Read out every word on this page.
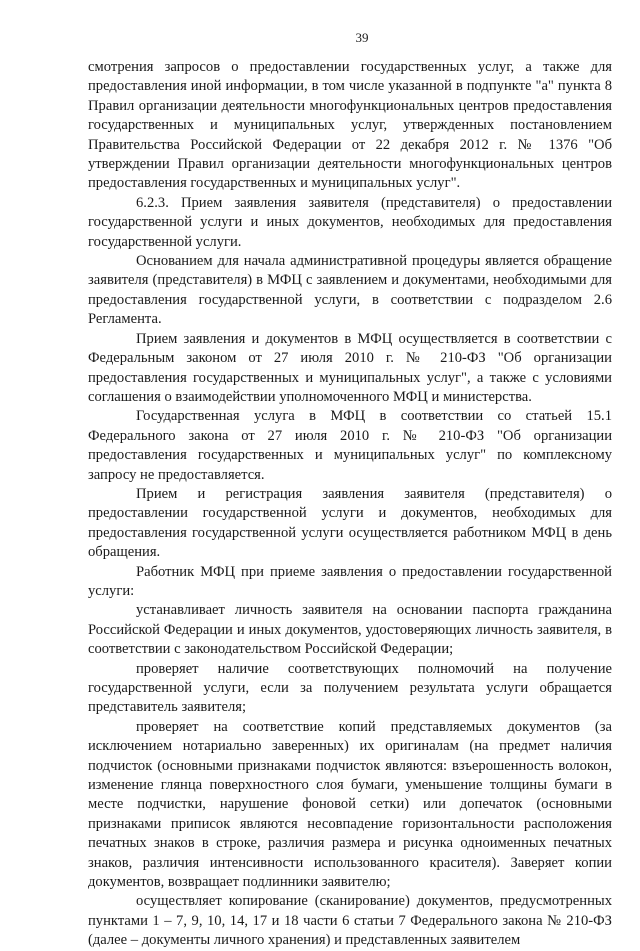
39

смотрения запросов о предоставлении государственных услуг, а также для предоставления иной информации, в том числе указанной в подпункте "а" пункта 8 Правил организации деятельности многофункциональных центров предоставления государственных и муниципальных услуг, утвержденных постановлением Правительства Российской Федерации от 22 декабря 2012 г. № 1376 "Об утверждении Правил организации деятельности многофункциональных центров предоставления государственных и муниципальных услуг".

6.2.3. Прием заявления заявителя (представителя) о предоставлении государственной услуги и иных документов, необходимых для предоставления государственной услуги.

Основанием для начала административной процедуры является обращение заявителя (представителя) в МФЦ с заявлением и документами, необходимыми для предоставления государственной услуги, в соответствии с подразделом 2.6 Регламента.

Прием заявления и документов в МФЦ осуществляется в соответствии с Федеральным законом от 27 июля 2010 г. № 210-ФЗ "Об организации предоставления государственных и муниципальных услуг", а также с условиями соглашения о взаимодействии уполномоченного МФЦ и министерства.

Государственная услуга в МФЦ в соответствии со статьей 15.1 Федерального закона от 27 июля 2010 г. № 210-ФЗ "Об организации предоставления государственных и муниципальных услуг" по комплексному запросу не предоставляется.

Прием и регистрация заявления заявителя (представителя) о предоставлении государственной услуги и документов, необходимых для предоставления государственной услуги осуществляется работником МФЦ в день обращения.

Работник МФЦ при приеме заявления о предоставлении государственной услуги:

устанавливает личность заявителя на основании паспорта гражданина Российской Федерации и иных документов, удостоверяющих личность заявителя, в соответствии с законодательством Российской Федерации;

проверяет наличие соответствующих полномочий на получение государственной услуги, если за получением результата услуги обращается представитель заявителя;

проверяет на соответствие копий представляемых документов (за исключением нотариально заверенных) их оригиналам (на предмет наличия подчисток (основными признаками подчисток являются: взъерошенность волокон, изменение глянца поверхностного слоя бумаги, уменьшение толщины бумаги в месте подчистки, нарушение фоновой сетки) или допечаток (основными признаками приписок являются несовпадение горизонтальности расположения печатных знаков в строке, различия размера и рисунка одноименных печатных знаков, различия интенсивности использованного красителя). Заверяет копии документов, возвращает подлинники заявителю;

осуществляет копирование (сканирование) документов, предусмотренных пунктами 1 – 7, 9, 10, 14, 17 и 18 части 6 статьи 7 Федерального закона № 210-ФЗ (далее – документы личного хранения) и представленных заявителем
